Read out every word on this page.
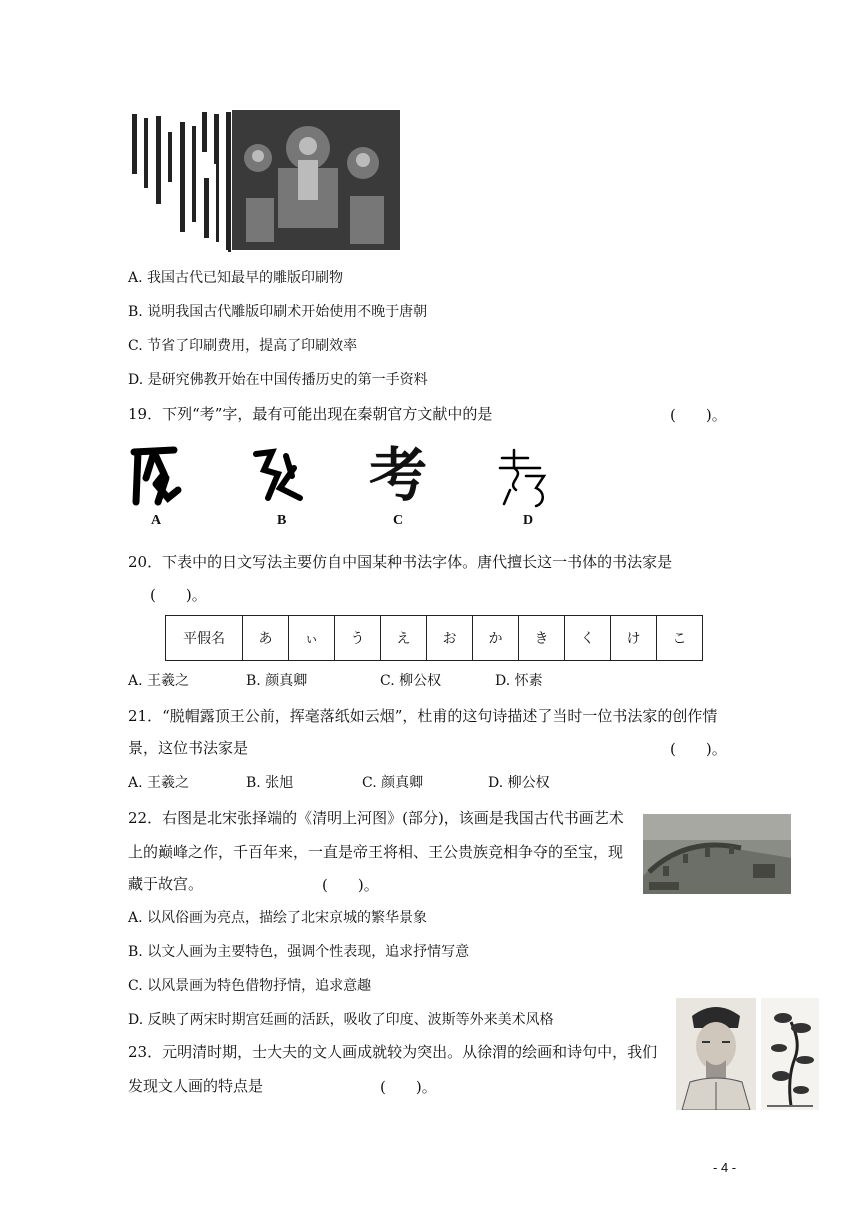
A. 我国古代已知最早的雕版印刷物
B. 说明我国古代雕版印刷术开始使用不晚于唐朝
C. 节省了印刷费用，提高了印刷效率
D. 是研究佛教开始在中国传播历史的第一手资料
19．下列“考”字，最有可能出现在秦朝官方文献中的是	(　　)。
A	B
考
C	D
20．下表中的日文写法主要仿自中国某种书法字体。唐代擅长这一书体的书法家是
(　　)。
平假名	あ	ぃ	う	え	お	か	き	く	け	こ
A. 王羲之	B. 颜真卿	C. 柳公权	D. 怀素
21．“脱帽露顶王公前，挥毫落纸如云烟”，杜甫的这句诗描述了当时一位书法家的创作情
景，这位书法家是	(　　)。
A. 王羲之	B. 张旭	C. 颜真卿	D. 柳公权
22．右图是北宋张择端的《清明上河图》(部分)，该画是我国古代书画艺术
上的巅峰之作，千百年来，一直是帝王将相、王公贵族竞相争夺的至宝，现
藏于故宫。	(　　)。
A. 以风俗画为亮点，描绘了北宋京城的繁华景象
B. 以文人画为主要特色，强调个性表现，追求抒情写意
C. 以风景画为特色借物抒情，追求意趣
D. 反映了两宋时期宫廷画的活跃，吸收了印度、波斯等外来美术风格
23．元明清时期，士大夫的文人画成就较为突出。从徐渭的绘画和诗句中，我们
发现文人画的特点是	(　　)。
- 4 -
